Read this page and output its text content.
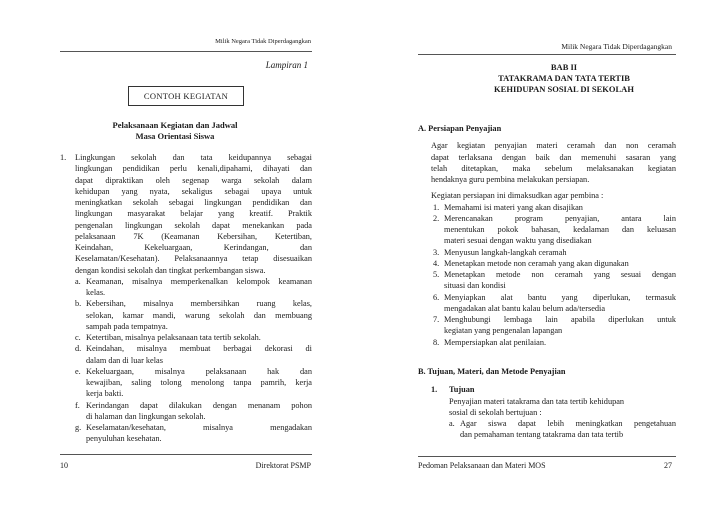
Milik Negara Tidak Diperdagangkan
Lampiran 1
CONTOH KEGIATAN
Pelaksanaan Kegiatan dan Jadwal
Masa Orientasi Siswa
1. Lingkungan sekolah dan tata keidupannya sebagai
lingkungan pendidikan perlu kenali,dipahami, dihayati dan
dapat dipraktikan oleh segenap warga sekolah dalam
kehidupan yang nyata, sekaligus sebagai upaya untuk
meningkatkan sekolah sebagai lingkungan pendidikan dan
lingkungan masyarakat belajar yang kreatif. Praktik
pengenalan lingkungan sekolah dapat menekankan pada
pelaksanaan 7K (Keamanan Kebersihan, Ketertiban,
Keindahan, Kekeluargaan, Kerindangan, dan
Keselamatan/Kesehatan). Pelaksanaannya tetap disesuaikan
dengan kondisi sekolah dan tingkat perkembangan siswa.
a. Keamanan, misalnya memperkenalkan kelompok keamanan
kelas.
b. Kebersihan, misalnya membersihkan ruang kelas,
selokan, kamar mandi, warung sekolah dan membuang
sampah pada tempatnya.
c. Ketertiban, misalnya pelaksanaan tata tertib sekolah.
d. Keindahan, misalnya membuat berbagai dekorasi di
dalam dan di luar kelas
e. Kekeluargaan, misalnya pelaksanaan hak dan
kewajiban, saling tolong menolong tanpa pamrih, kerja
kerja bakti.
f. Kerindangan dapat dilakukan dengan menanam pohon
di halaman dan lingkungan sekolah.
g. Keselamatan/kesehatan, misalnya mengadakan
penyuluhan kesehatan.
10	Direktorat PSMP
Milik Negara Tidak Diperdagangkan
BAB II
TATAKRAMA DAN TATA TERTIB
KEHIDUPAN SOSIAL DI SEKOLAH
A. Persiapan Penyajian
Agar kegiatan penyajian materi ceramah dan non ceramah
dapat terlaksana dengan baik dan memenuhi sasaran yang
telah ditetapkan, maka sebelum melaksanakan kegiatan
hendaknya guru pembina melakukan persiapan.
Kegiatan persiapan ini dimaksudkan agar pembina :
1. Memahami isi materi yang akan disajikan
2. Merencanakan program penyajian, antara lain
menentukan pokok bahasan, kedalaman dan keluasan
materi sesuai dengan waktu yang disediakan
3. Menyusun langkah-langkah ceramah
4. Menetapkan metode non ceramah yang akan digunakan
5. Menetapkan metode non ceramah yang sesuai dengan
situasi dan kondisi
6. Menyiapkan alat bantu yang diperlukan, termasuk
mengadakan alat bantu kalau belum ada/tersedia
7. Menghubungi lembaga lain apabila diperlukan untuk
kegiatan yang pengenalan lapangan
8. Mempersiapkan alat penilaian.
B. Tujuan, Materi, dan Metode Penyajian
1. Tujuan
Penyajian materi tatakrama dan tata tertib kehidupan
sosial di sekolah bertujuan :
a. Agar siswa dapat lebih meningkatkan pengetahuan
dan pemahaman tentang tatakrama dan tata tertib
Pedoman Pelaksanaan dan Materi MOS	27
